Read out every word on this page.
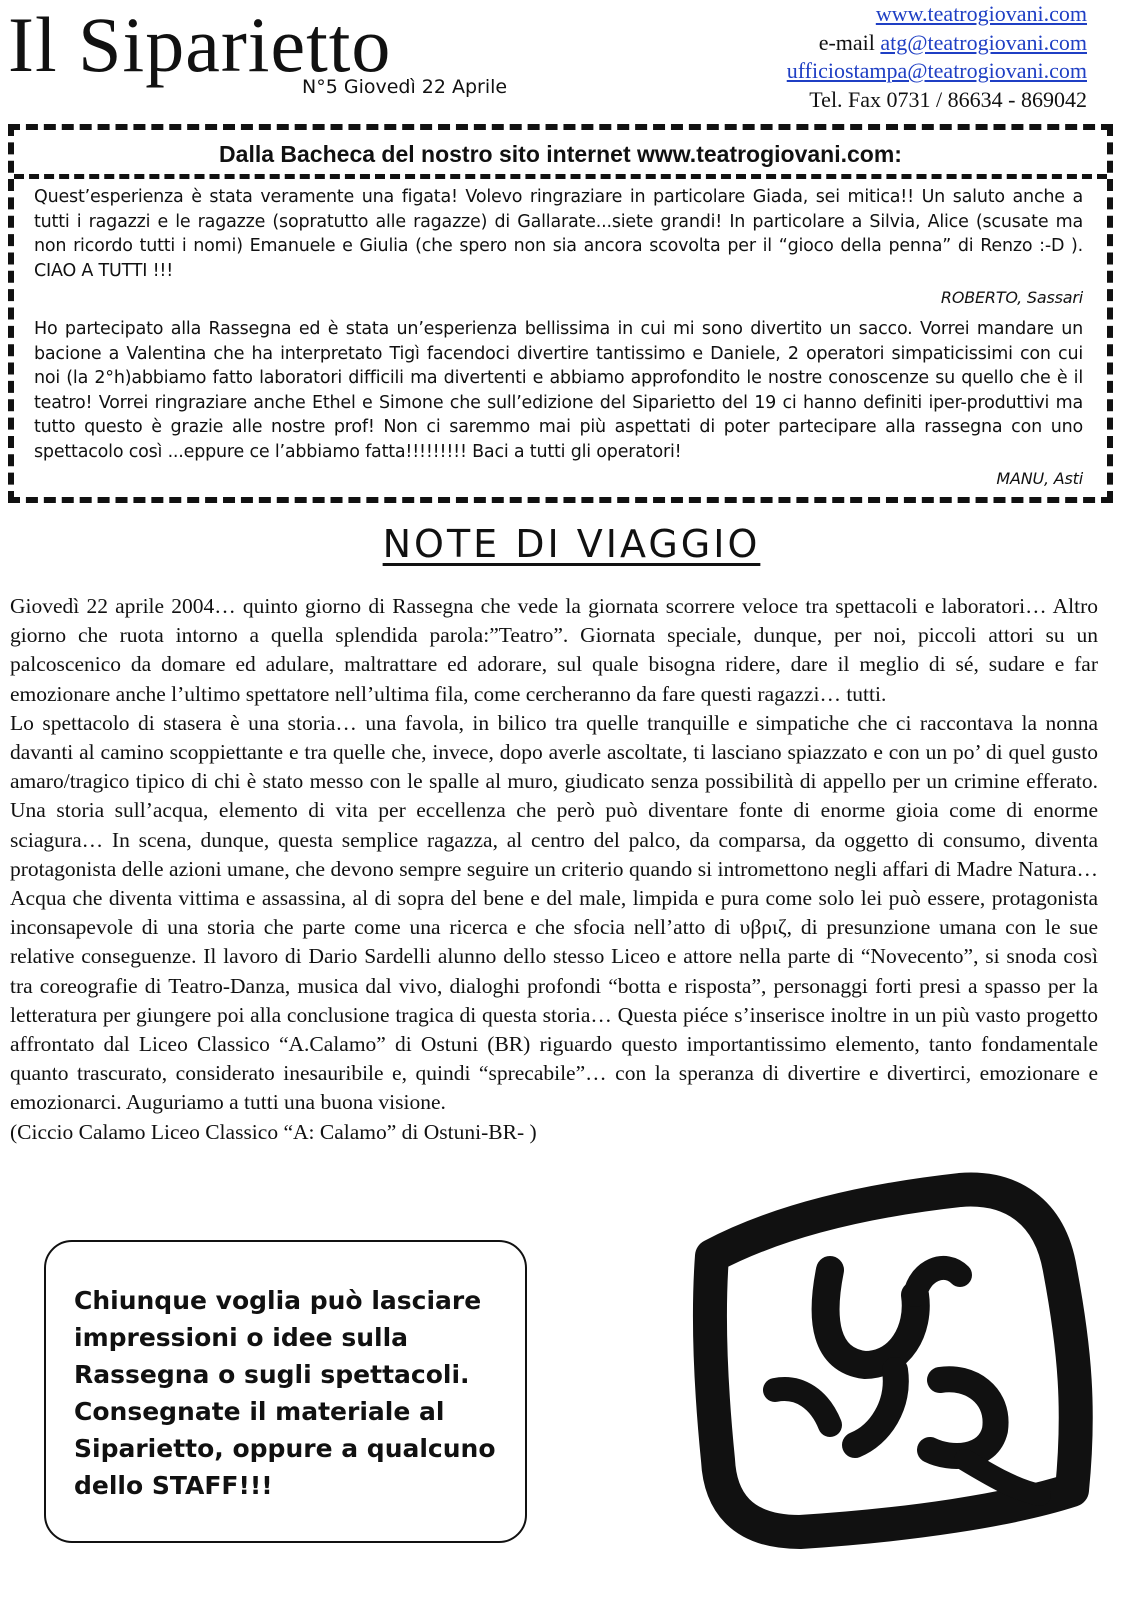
Il Siparietto
N°5 Giovedì 22 Aprile
www.teatrogiovani.com
e-mail atg@teatrogiovani.com
ufficiostampa@teatrogiovani.com
Tel. Fax 0731 / 86634 - 869042
Dalla Bacheca del nostro sito internet www.teatrogiovani.com:

Quest’esperienza è stata veramente una figata! Volevo ringraziare in particolare Giada, sei mitica!! Un saluto anche a tutti i ragazzi e le ragazze (sopratutto alle ragazze) di Gallarate...siete grandi! In particolare a Silvia, Alice (scusate ma non ricordo tutti i nomi) Emanuele e Giulia (che spero non sia ancora scovolta per il “gioco della penna” di Renzo :-D ). CIAO A TUTTI !!!

ROBERTO, Sassari

Ho partecipato alla Rassegna ed è stata un’esperienza bellissima in cui mi sono divertito un sacco. Vorrei mandare un bacione a Valentina che ha interpretato Tigì facendoci divertire tantissimo e Daniele, 2 operatori simpaticissimi con cui noi (la 2°h)abbiamo fatto laboratori difficili ma divertenti e abbiamo approfondito le nostre conoscenze su quello che è il teatro! Vorrei ringraziare anche Ethel e Simone che sull’edizione del Siparietto del 19 ci hanno definiti iper-produttivi ma tutto questo è grazie alle nostre prof! Non ci saremmo mai più aspettati di poter partecipare alla rassegna con uno spettacolo così ...eppure ce l’abbiamo fatta!!!!!!!!! Baci a tutti gli operatori!

MANU, Asti
NOTE DI VIAGGIO

Giovedì 22 aprile 2004… quinto giorno di Rassegna che vede la giornata scorrere veloce tra spettacoli e laboratori… Altro giorno che ruota intorno a quella splendida parola:”Teatro”. Giornata speciale, dunque, per noi, piccoli attori su un palcoscenico da domare ed adulare, maltrattare ed adorare, sul quale bisogna ridere, dare il meglio di sé, sudare e far emozionare anche l’ultimo spettatore nell’ultima fila, come cercheranno da fare questi ragazzi… tutti.

Lo spettacolo di stasera è una storia… una favola, in bilico tra quelle tranquille e simpatiche che ci raccontava la nonna davanti al camino scoppiettante e tra quelle che, invece, dopo averle ascoltate, ti lasciano spiazzato e con un po’ di quel gusto amaro/tragico tipico di chi è stato messo con le spalle al muro, giudicato senza possibilità di appello per un crimine efferato. Una storia sull’acqua, elemento di vita per eccellenza che però può diventare fonte di enorme gioia come di enorme sciagura… In scena, dunque, questa semplice ragazza, al centro del palco, da comparsa, da oggetto di consumo, diventa protagonista delle azioni umane, che devono sempre seguire un criterio quando si intromettono negli affari di Madre Natura… Acqua che diventa vittima e assassina, al di sopra del bene e del male, limpida e pura come solo lei può essere, protagonista inconsapevole di una storia che parte come una ricerca e che sfocia nell’atto di υβριζ, di presunzione umana con le sue relative conseguenze. Il lavoro di Dario Sardelli alunno dello stesso Liceo e attore nella parte di “Novecento”, si snoda così tra coreografie di Teatro-Danza, musica dal vivo, dialoghi profondi “botta e risposta”, personaggi forti presi a spasso per la letteratura per giungere poi alla conclusione tragica di questa storia… Questa piéce s’inserisce inoltre in un più vasto progetto affrontato dal Liceo Classico “A.Calamo” di Ostuni (BR) riguardo questo importantissimo elemento, tanto fondamentale quanto trascurato, considerato inesauribile e, quindi “sprecabile”… con la speranza di divertire e divertirci, emozionare e emozionarci. Auguriamo a tutti una buona visione.

(Ciccio Calamo Liceo Classico “A: Calamo” di Ostuni-BR- )

Chiunque voglia può lasciare impressioni o idee sulla Rassegna o sugli spettacoli. Consegnate il materiale al Siparietto, oppure a qualcuno dello STAFF!!!
